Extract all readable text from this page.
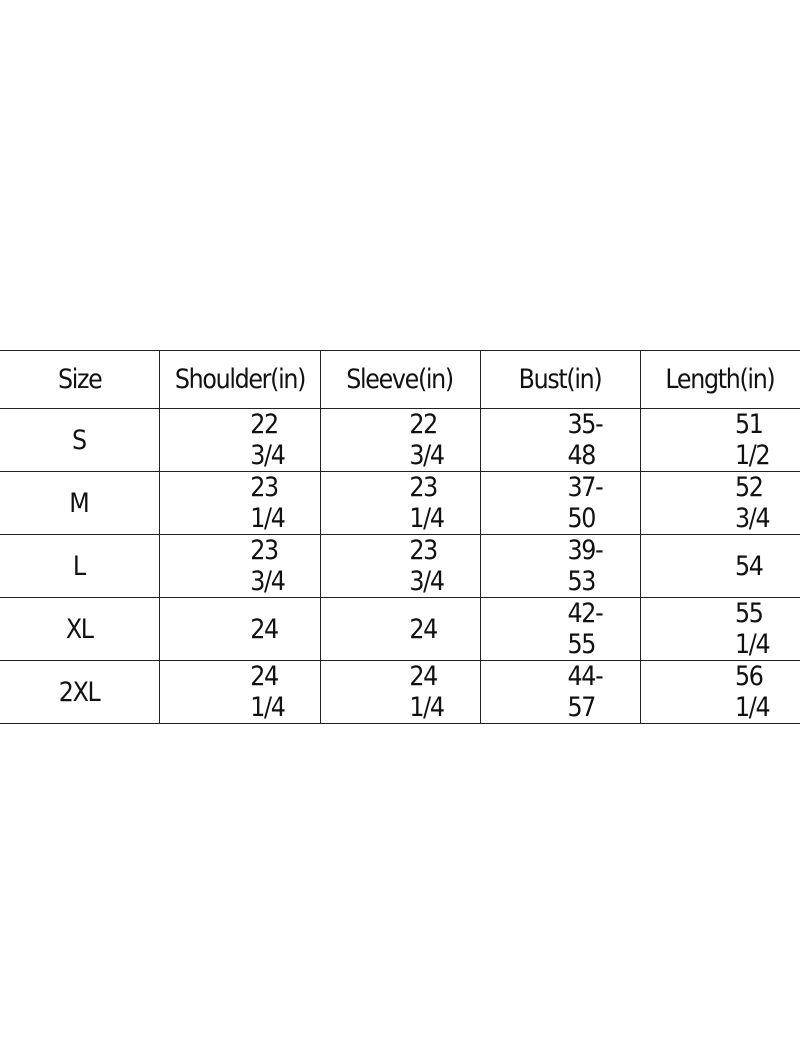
Size	Shoulder(in)	Sleeve(in)	Bust(in)	Length(in)
S	22 3/4	22 3/4	35-48	51 1/2
M	23 1/4	23 1/4	37-50	52 3/4
L	23 3/4	23 3/4	39-53	54
XL	24	24	42-55	55 1/4
2XL	24 1/4	24 1/4	44-57	56 1/4
